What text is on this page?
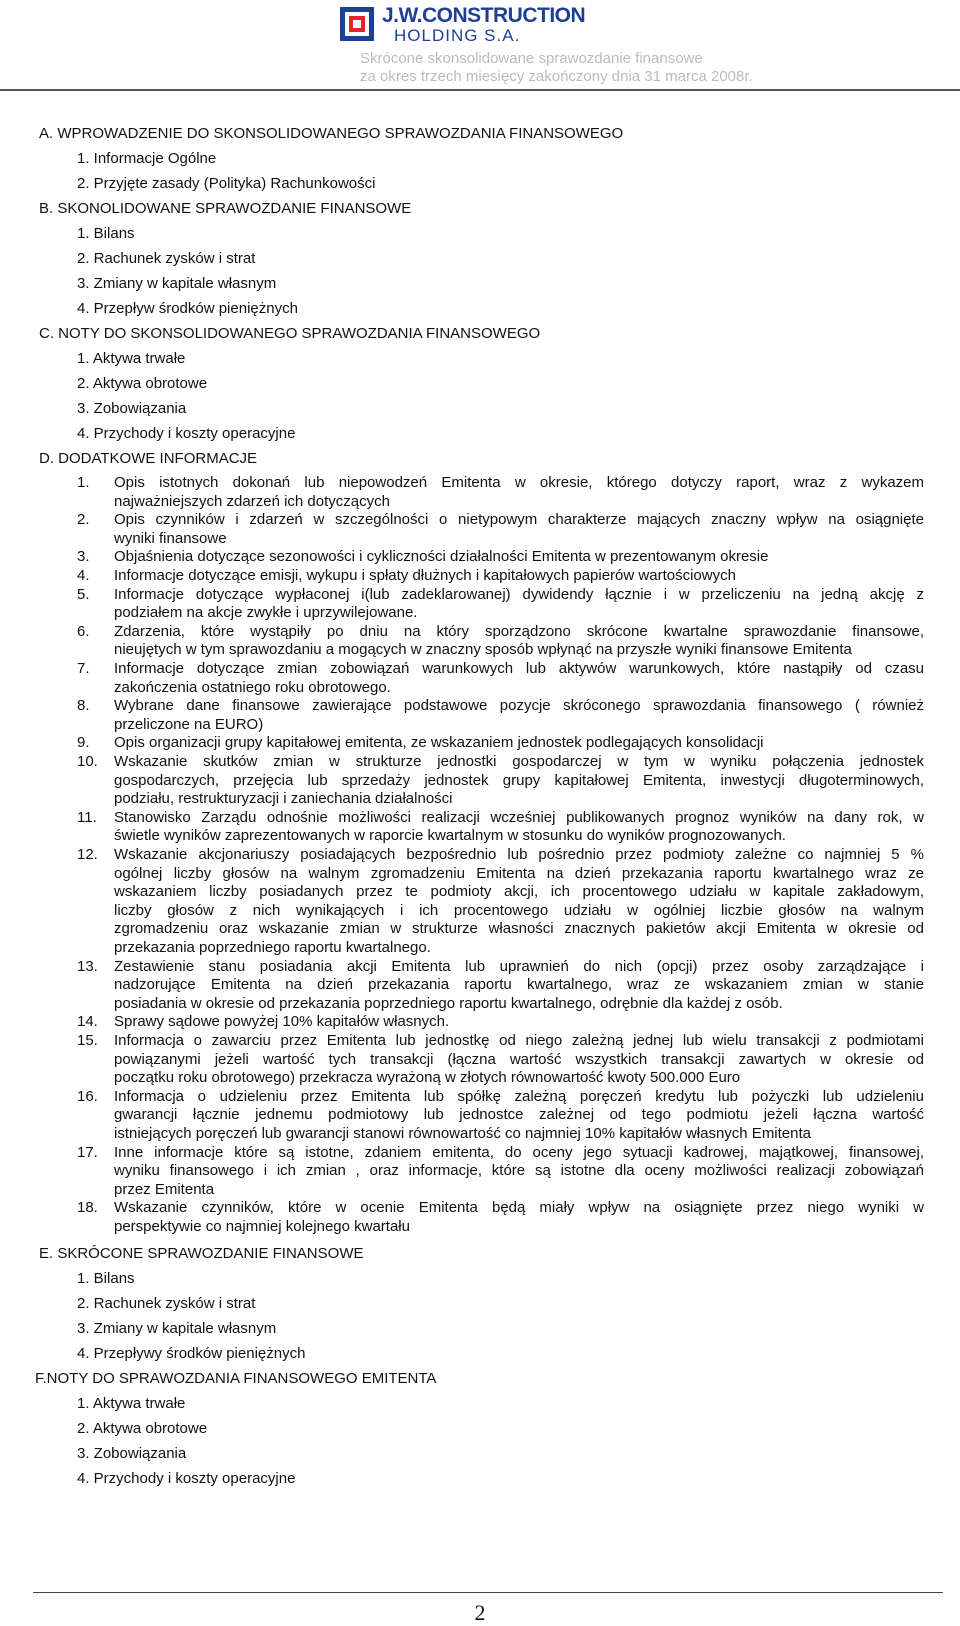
J.W.CONSTRUCTION
HOLDING S.A.
Skrócone skonsolidowane sprawozdanie finansowe
za okres trzech miesięcy zakończony dnia 31 marca 2008r.
A. WPROWADZENIE DO SKONSOLIDOWANEGO SPRAWOZDANIA FINANSOWEGO
1. Informacje Ogólne
2. Przyjęte zasady (Polityka) Rachunkowości
B. SKONOLIDOWANE SPRAWOZDANIE FINANSOWE
1. Bilans
2. Rachunek zysków i strat
3. Zmiany w kapitale własnym
4. Przepływ środków pieniężnych
C. NOTY DO SKONSOLIDOWANEGO SPRAWOZDANIA FINANSOWEGO
1. Aktywa trwałe
2. Aktywa obrotowe
3. Zobowiązania
4. Przychody i koszty operacyjne
D. DODATKOWE INFORMACJE
1. Opis istotnych dokonań lub niepowodzeń Emitenta w okresie, którego dotyczy raport, wraz z wykazem
najważniejszych zdarzeń ich dotyczących
2. Opis czynników i zdarzeń w szczególności o nietypowym charakterze mających znaczny wpływ na osiągnięte
wyniki finansowe
3. Objaśnienia dotyczące sezonowości i cykliczności działalności Emitenta w prezentowanym okresie
4. Informacje dotyczące emisji, wykupu i spłaty dłużnych i kapitałowych papierów wartościowych
5. Informacje dotyczące wypłaconej i(lub zadeklarowanej) dywidendy łącznie i w przeliczeniu na jedną akcję z
podziałem na akcje zwykłe i uprzywilejowane.
6. Zdarzenia, które wystąpiły po dniu na który sporządzono skrócone kwartalne sprawozdanie finansowe,
nieujętych w tym sprawozdaniu a mogących w znaczny sposób wpłynąć na przyszłe wyniki finansowe Emitenta
7. Informacje dotyczące zmian zobowiązań warunkowych lub aktywów warunkowych, które nastąpiły od czasu
zakończenia ostatniego roku obrotowego.
8. Wybrane dane finansowe zawierające podstawowe pozycje skróconego sprawozdania finansowego ( również
przeliczone na EURO)
9. Opis organizacji grupy kapitałowej emitenta, ze wskazaniem jednostek podlegających konsolidacji
10. Wskazanie skutków zmian w strukturze jednostki gospodarczej w tym w wyniku połączenia jednostek
gospodarczych, przejęcia lub sprzedaży jednostek grupy kapitałowej Emitenta, inwestycji długoterminowych,
podziału, restrukturyzacji i zaniechania działalności
11. Stanowisko Zarządu odnośnie możliwości realizacji wcześniej publikowanych prognoz wyników na dany rok, w
świetle wyników zaprezentowanych w raporcie kwartalnym w stosunku do wyników prognozowanych.
12. Wskazanie akcjonariuszy posiadających bezpośrednio lub pośrednio przez podmioty zależne co najmniej 5 %
ogólnej liczby głosów na walnym zgromadzeniu Emitenta na dzień przekazania raportu kwartalnego wraz ze
wskazaniem liczby posiadanych przez te podmioty akcji, ich procentowego udziału w kapitale zakładowym,
liczby głosów z nich wynikających i ich procentowego udziału w ogólniej liczbie głosów na walnym
zgromadzeniu oraz wskazanie zmian w strukturze własności znacznych pakietów akcji Emitenta w okresie od
przekazania poprzedniego raportu kwartalnego.
13. Zestawienie stanu posiadania akcji Emitenta lub uprawnień do nich (opcji) przez osoby zarządzające i
nadzorujące Emitenta na dzień przekazania raportu kwartalnego, wraz ze wskazaniem zmian w stanie
posiadania w okresie od przekazania poprzedniego raportu kwartalnego, odrębnie dla każdej z osób.
14. Sprawy sądowe powyżej 10% kapitałów własnych.
15. Informacja o zawarciu przez Emitenta lub jednostkę od niego zależną jednej lub wielu transakcji z podmiotami
powiązanymi jeżeli wartość tych transakcji (łączna wartość wszystkich transakcji zawartych w okresie od
początku roku obrotowego) przekracza wyrażoną w złotych równowartość kwoty 500.000 Euro
16. Informacja o udzieleniu przez Emitenta lub spółkę zależną poręczeń kredytu lub pożyczki lub udzieleniu
gwarancji łącznie jednemu podmiotowy lub jednostce zależnej od tego podmiotu jeżeli łączna wartość
istniejących poręczeń lub gwarancji stanowi równowartość co najmniej 10% kapitałów własnych Emitenta
17. Inne informacje które są istotne, zdaniem emitenta, do oceny jego sytuacji kadrowej, majątkowej, finansowej,
wyniku finansowego i ich zmian , oraz informacje, które są istotne dla oceny możliwości realizacji zobowiązań
przez Emitenta
18. Wskazanie czynników, które w ocenie Emitenta będą miały wpływ na osiągnięte przez niego wyniki w
perspektywie co najmniej kolejnego kwartału
E. SKRÓCONE SPRAWOZDANIE FINANSOWE
1. Bilans
2. Rachunek zysków i strat
3. Zmiany w kapitale własnym
4. Przepływy środków pieniężnych
F.NOTY DO SPRAWOZDANIA FINANSOWEGO EMITENTA
1. Aktywa trwałe
2. Aktywa obrotowe
3. Zobowiązania
4. Przychody i koszty operacyjne
2
